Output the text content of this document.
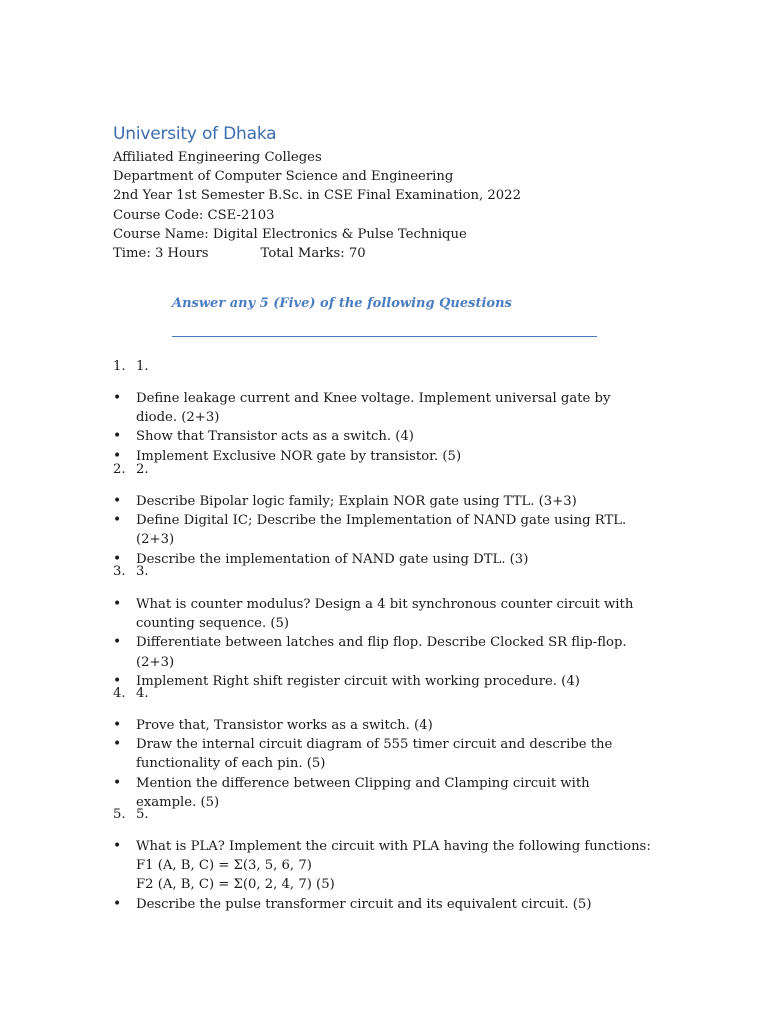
University of Dhaka
Affiliated Engineering Colleges
Department of Computer Science and Engineering
2nd Year 1st Semester B.Sc. in CSE Final Examination, 2022
Course Code: CSE-2103
Course Name: Digital Electronics & Pulse Technique
Time: 3 Hours	Total Marks: 70
Answer any 5 (Five) of the following Questions
1. 1.
• Define leakage current and Knee voltage. Implement universal gate by diode. (2+3)
• Show that Transistor acts as a switch. (4)
• Implement Exclusive NOR gate by transistor. (5)
2. 2.
• Describe Bipolar logic family; Explain NOR gate using TTL. (3+3)
• Define Digital IC; Describe the Implementation of NAND gate using RTL. (2+3)
• Describe the implementation of NAND gate using DTL. (3)
3. 3.
• What is counter modulus? Design a 4 bit synchronous counter circuit with counting sequence. (5)
• Differentiate between latches and flip flop. Describe Clocked SR flip-flop. (2+3)
• Implement Right shift register circuit with working procedure. (4)
4. 4.
• Prove that, Transistor works as a switch. (4)
• Draw the internal circuit diagram of 555 timer circuit and describe the functionality of each pin. (5)
• Mention the difference between Clipping and Clamping circuit with example. (5)
5. 5.
• What is PLA? Implement the circuit with PLA having the following functions:
F1 (A, B, C) = Σ(3, 5, 6, 7)
F2 (A, B, C) = Σ(0, 2, 4, 7) (5)
• Describe the pulse transformer circuit and its equivalent circuit. (5)
